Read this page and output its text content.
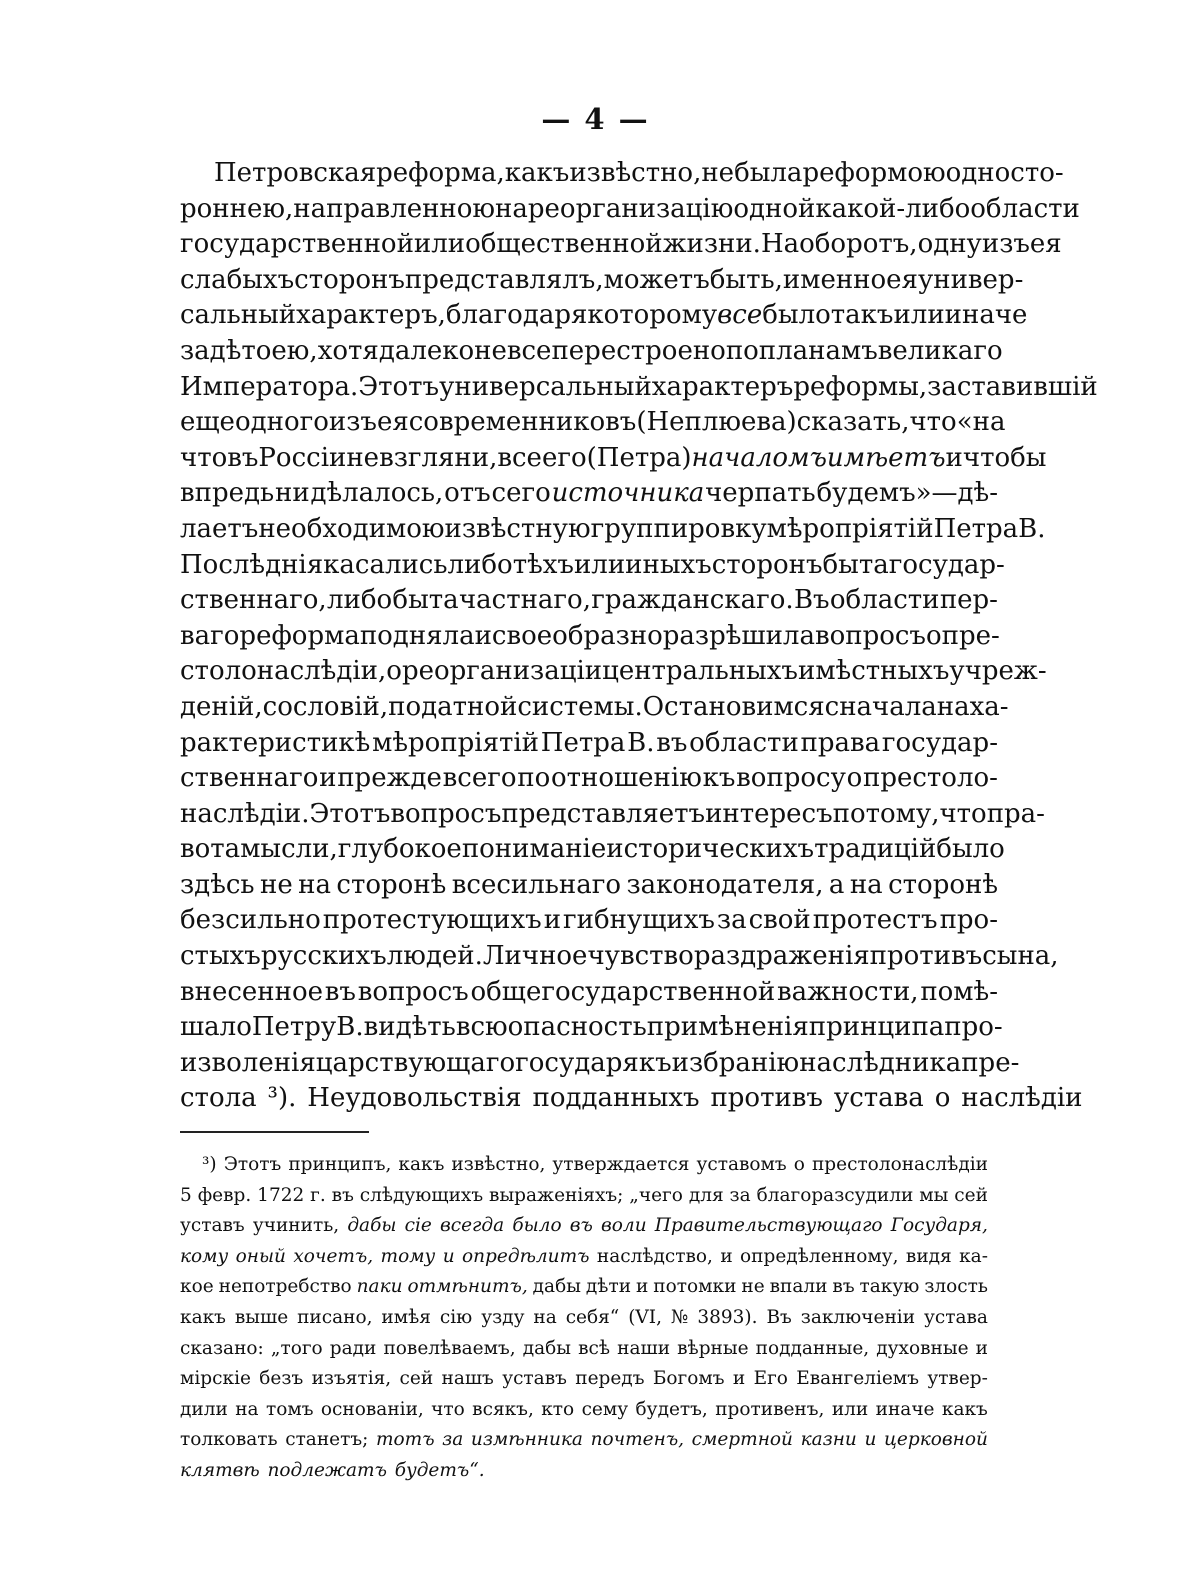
— 4 —
Петровская реформа, какъ извѣстно, не была реформою односто-
роннею, направленною на реорганизацію одной какой-либо области
государственной или общественной жизни. Наоборотъ, одну изъ ея
слабыхъ сторонъ представлялъ, можетъ быть, именно ея универ-
сальный характеръ, благодаря которому все было такъ или иначе
задѣто ею, хотя далеко не все перестроено по планамъ великаго
Императора. Этотъ универсальный характеръ реформы, заставившій
еще одного изъ ея современниковъ (Неплюева) сказать, что «на
что въ Россіи не взгляни, все его (Петра) началомъ имѣетъ и чтобы
впредь ни дѣлалось, отъ сего источника черпать будемъ»—дѣ-
лаетъ необходимою извѣстную группировку мѣропріятій Петра В.
Послѣднія касались либо тѣхъ или иныхъ сторонъ быта государ-
ственнаго, либо быта частнаго, гражданскаго. Въ области пер-
ваго реформа подняла и своеобразно разрѣшила вопросъ о пре-
столонаслѣдіи, о реорганизаціи центральныхъ и мѣстныхъ учреж-
деній, сословій, податной системы. Остановимся сначала на ха-
рактеристикѣ мѣропріятій Петра В. въ области права государ-
ственнаго и прежде всего по отношенію къ вопросу о престоло-
наслѣдіи. Этотъ вопросъ представляетъ интересъ потому, что пра-
вота мысли, глубокое пониманіе историческихъ традицій было
здѣсь не на сторонѣ всесильнаго законодателя, а на сторонѣ
безсильно протестующихъ и гибнущихъ за свой протестъ про-
стыхъ русскихъ людей. Личное чувство раздраженія противъ сына,
внесенное въ вопросъ общегосударственной важности, помѣ-
шало Петру В. видѣть всю опасность примѣненія принципа про-
изволенія царствующаго государя къ избранію наслѣдника пре-
стола ³). Неудовольствія подданныхъ противъ устава о наслѣдіи
³) Этотъ принципъ, какъ извѣстно, утверждается уставомъ о престолонаслѣдіи
5 февр. 1722 г. въ слѣдующихъ выраженіяхъ; „чего для за благоразсудили мы сей
уставъ учинить, дабы сіе всегда было въ воли Правительствующаго Государя,
кому оный хочетъ, тому и опредѣлитъ наслѣдство, и опредѣленному, видя ка-
кое непотребство паки отмѣнитъ, дабы дѣти и потомки не впали въ такую злость
какъ выше писано, имѣя сію узду на себя“ (VI, № 3893). Въ заключеніи устава
сказано: „того ради повелѣваемъ, дабы всѣ наши вѣрные подданные, духовные и
мірскіе безъ изъятія, сей нашъ уставъ передъ Богомъ и Его Евангеліемъ утвер-
дили на томъ основаніи, что всякъ, кто сему будетъ, противенъ, или иначе какъ
толковать станетъ; тотъ за измѣнника почтенъ, смертной казни и церковной
клятвѣ подлежатъ будетъ“.
